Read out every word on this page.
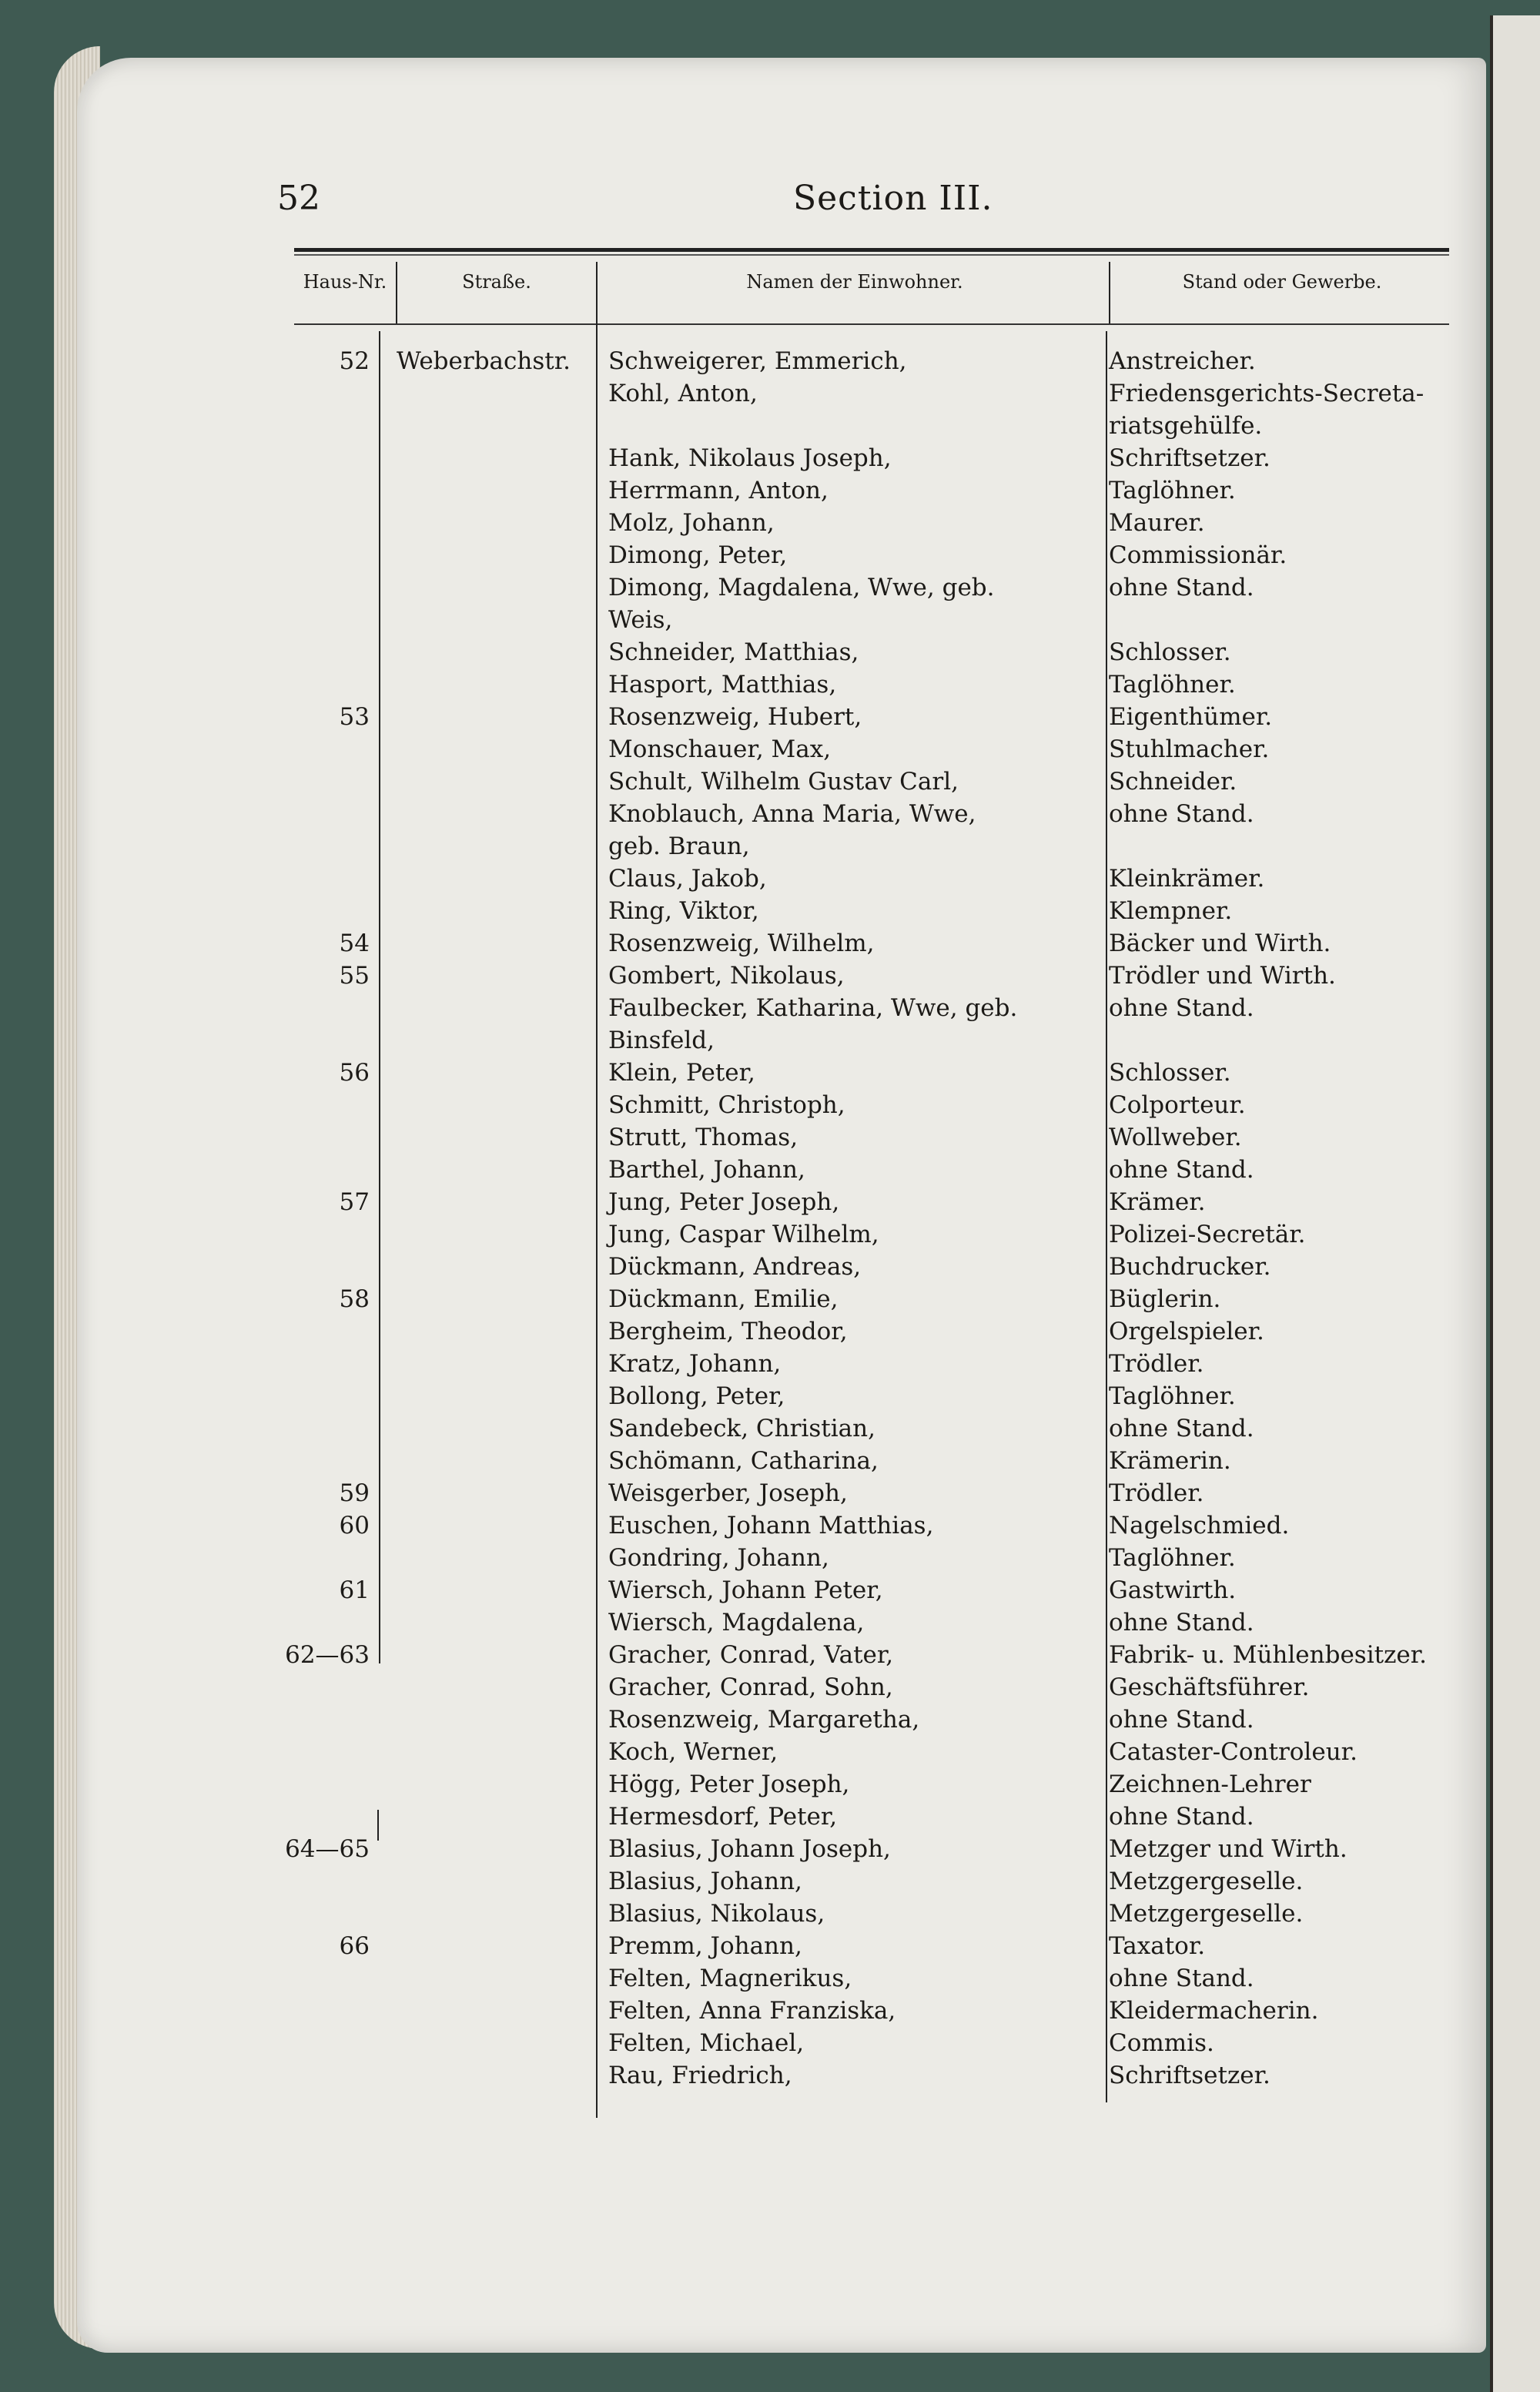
52	Section III.
Haus-Nr.	Straße.	Namen der Einwohner.	Stand oder Gewerbe.
52 Weberbachstr. Schweigerer, Emmerich,	Anstreicher.
Kohl, Anton,	Friedensgerichts-Secreta-
riatsgehülfe.
Hank, Nikolaus Joseph,	Schriftsetzer.
Herrmann, Anton,	Taglöhner.
Molz, Johann,	Maurer.
Dimong, Peter,	Commissionär.
Dimong, Magdalena, Wwe, geb.	ohne Stand.
Weis,
Schneider, Matthias,	Schlosser.
Hasport, Matthias,	Taglöhner.
53	Rosenzweig, Hubert,	Eigenthümer.
Monschauer, Max,	Stuhlmacher.
Schult, Wilhelm Gustav Carl,	Schneider.
Knoblauch, Anna Maria, Wwe,	ohne Stand.
geb. Braun,
Claus, Jakob,	Kleinkrämer.
Ring, Viktor,	Klempner.
54	Rosenzweig, Wilhelm,	Bäcker und Wirth.
55	Gombert, Nikolaus,	Trödler und Wirth.
Faulbecker, Katharina, Wwe, geb.	ohne Stand.
Binsfeld,
56	Klein, Peter,	Schlosser.
Schmitt, Christoph,	Colporteur.
Strutt, Thomas,	Wollweber.
Barthel, Johann,	ohne Stand.
57	Jung, Peter Joseph,	Krämer.
Jung, Caspar Wilhelm,	Polizei-Secretär.
Dückmann, Andreas,	Buchdrucker.
58	Dückmann, Emilie,	Büglerin.
Bergheim, Theodor,	Orgelspieler.
Kratz, Johann,	Trödler.
Bollong, Peter,	Taglöhner.
Sandebeck, Christian,	ohne Stand.
Schömann, Catharina,	Krämerin.
59	Weisgerber, Joseph,	Trödler.
60	Euschen, Johann Matthias,	Nagelschmied.
Gondring, Johann,	Taglöhner.
61	Wiersch, Johann Peter,	Gastwirth.
Wiersch, Magdalena,	ohne Stand.
62—63	Gracher, Conrad, Vater,	Fabrik- u. Mühlenbesitzer.
Gracher, Conrad, Sohn,	Geschäftsführer.
Rosenzweig, Margaretha,	ohne Stand.
Koch, Werner,	Cataster-Controleur.
Högg, Peter Joseph,	Zeichnen-Lehrer
Hermesdorf, Peter,	ohne Stand.
64—65	Blasius, Johann Joseph,	Metzger und Wirth.
Blasius, Johann,	Metzgergeselle.
Blasius, Nikolaus,	Metzgergeselle.
66	Premm, Johann,	Taxator.
Felten, Magnerikus,	ohne Stand.
Felten, Anna Franziska,	Kleidermacherin.
Felten, Michael,	Commis.
Rau, Friedrich,	Schriftsetzer.
